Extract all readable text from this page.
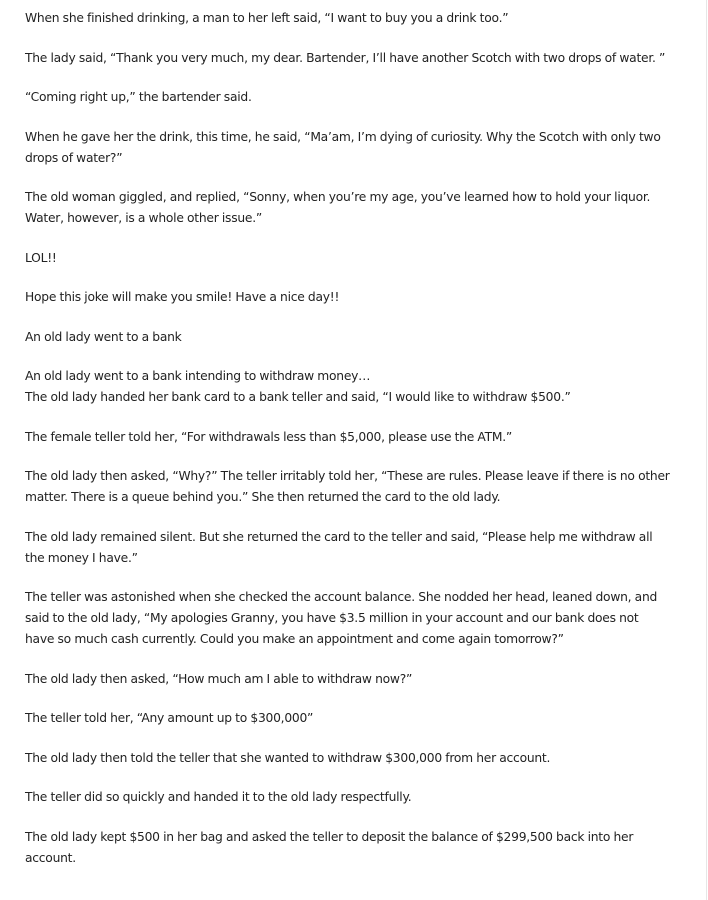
When she finished drinking, a man to her left said, “I want to buy you a drink too.”

The lady said, “Thank you very much, my dear. Bartender, I’ll have another Scotch with two drops of water. ”

“Coming right up,” the bartender said.

When he gave her the drink, this time, he said, “Ma’am, I’m dying of curiosity. Why the Scotch with only two drops of water?”

The old woman giggled, and replied, “Sonny, when you’re my age, you’ve learned how to hold your liquor. Water, however, is a whole other issue.”

LOL!!

Hope this joke will make you smile! Have a nice day!!

An old lady went to a bank

An old lady went to a bank intending to withdraw money…

The old lady handed her bank card to a bank teller and said, “I would like to withdraw $500.”

The female teller told her, “For withdrawals less than $5,000, please use the ATM.”

The old lady then asked, “Why?” The teller irritably told her, “These are rules. Please leave if there is no other matter. There is a queue behind you.” She then returned the card to the old lady.

The old lady remained silent. But she returned the card to the teller and said, “Please help me withdraw all the money I have.”

The teller was astonished when she checked the account balance. She nodded her head, leaned down, and said to the old lady, “My apologies Granny, you have $3.5 million in your account and our bank does not have so much cash currently. Could you make an appointment and come again tomorrow?”

The old lady then asked, “How much am I able to withdraw now?”

The teller told her, “Any amount up to $300,000”

The old lady then told the teller that she wanted to withdraw $300,000 from her account.

The teller did so quickly and handed it to the old lady respectfully.

The old lady kept $500 in her bag and asked the teller to deposit the balance of $299,500 back into her account.
